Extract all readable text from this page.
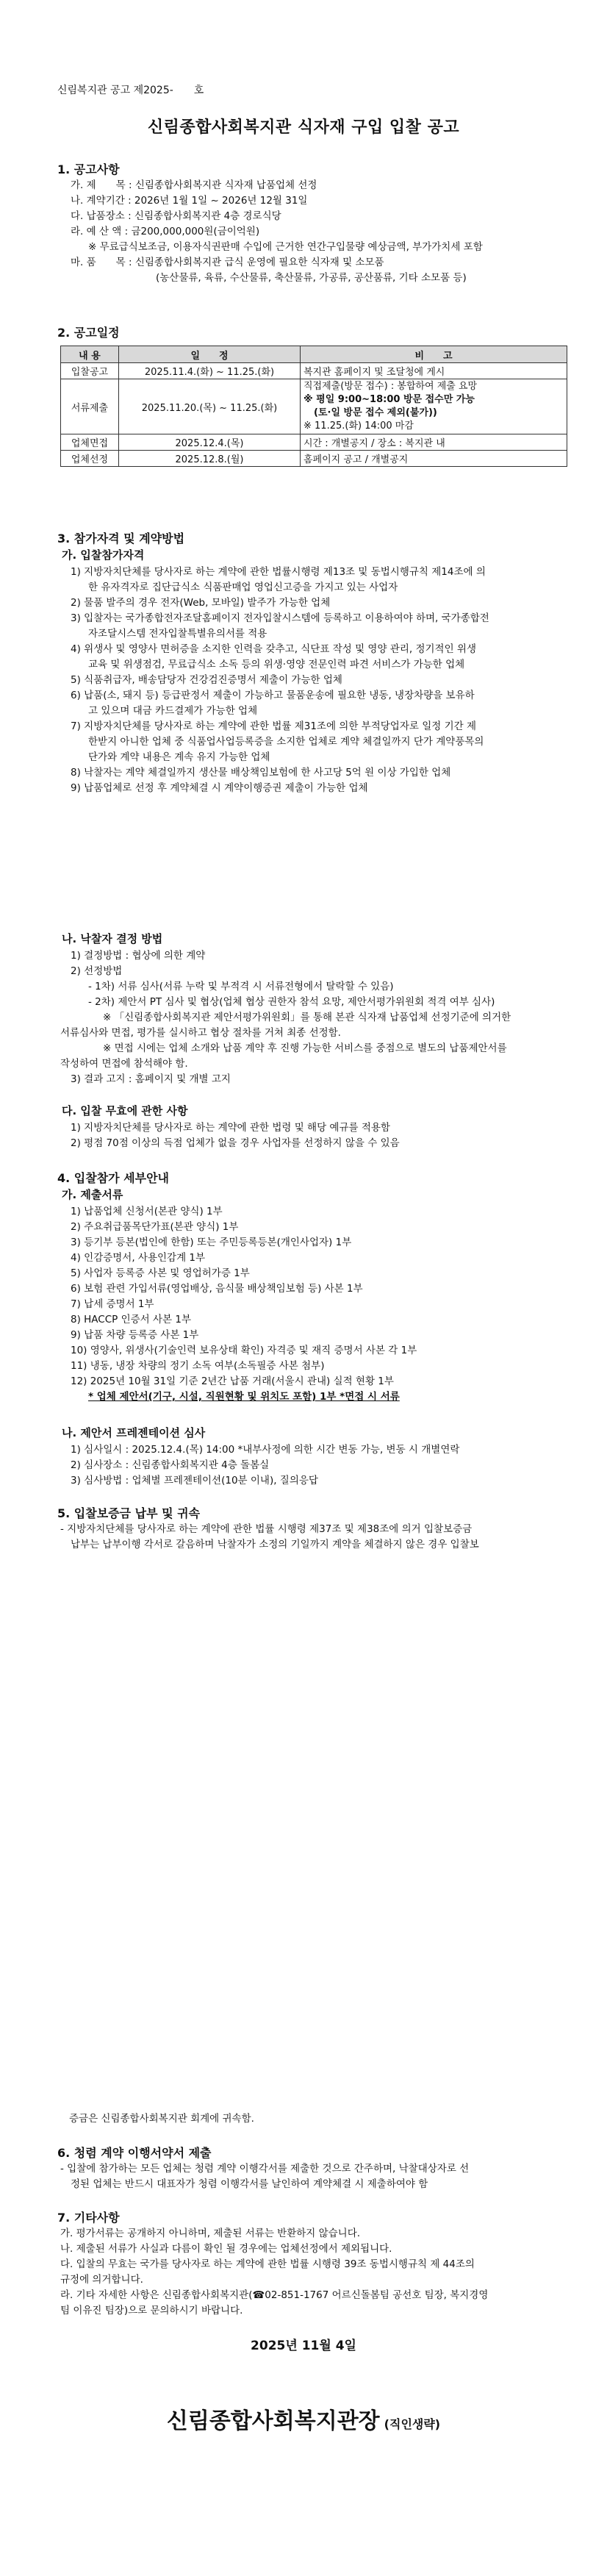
신림복지관 공고 제2025-　　호
신림종합사회복지관 식자재 구입 입찰 공고
1. 공고사항
가. 제　　목 : 신림종합사회복지관 식자재 납품업체 선정
나. 계약기간 : 2026년 1월 1일 ~ 2026년 12월 31일
다. 납품장소 : 신림종합사회복지관 4층 경로식당
라. 예 산 액 : 금200,000,000원(금이억원)
※ 무료급식보조금, 이용자식권판매 수입에 근거한 연간구입물량 예상금액, 부가가치세 포함
마. 품　　목 : 신림종합사회복지관 급식 운영에 필요한 식자재 및 소모품
(농산물류, 육류, 수산물류, 축산물류, 가공류, 공산품류, 기타 소모품 등)
2. 공고일정
내 용	일　　정	비　　고
입찰공고	2025.11.4.(화) ~ 11.25.(화)	복지관 홈페이지 및 조달청에 게시
서류제출	2025.11.20.(목) ~ 11.25.(화)	직접제출(방문 접수) : 봉합하여 제출 요망
※ 평일 9:00~18:00 방문 접수만 가능
(토·일 방문 접수 제외(불가))
※ 11.25.(화) 14:00 마감

업체면접	2025.12.4.(목)	시간 : 개별공지 / 장소 : 복지관 내
업체선정	2025.12.8.(월)	홈페이지 공고 / 개별공지
3. 참가자격 및 계약방법
가. 입찰참가자격
1) 지방자치단체를 당사자로 하는 계약에 관한 법률시행령 제13조 및 동법시행규칙 제14조에 의
한 유자격자로 집단급식소 식품판매업 영업신고증을 가지고 있는 사업자
2) 물품 발주의 경우 전자(Web, 모바일) 발주가 가능한 업체
3) 입찰자는 국가종합전자조달홈페이지 전자입찰시스템에 등록하고 이용하여야 하며, 국가종합전
자조달시스템 전자입찰특별유의서를 적용
4) 위생사 및 영양사 면허증을 소지한 인력을 갖추고, 식단표 작성 및 영양 관리, 정기적인 위생
교육 및 위생점검, 무료급식소 소독 등의 위생·영양 전문인력 파견 서비스가 가능한 업체
5) 식품취급자, 배송담당자 건강검진증명서 제출이 가능한 업체
6) 납품(소, 돼지 등) 등급판정서 제출이 가능하고 물품운송에 필요한 냉동, 냉장차량을 보유하
고 있으며 대금 카드결제가 가능한 업체
7) 지방자치단체를 당사자로 하는 계약에 관한 법률 제31조에 의한 부적당업자로 일정 기간 제
한받지 아니한 업체 중 식품업사업등록증을 소지한 업체로 계약 체결일까지 단가 계약풍목의
단가와 계약 내용은 계속 유지 가능한 업체
8) 낙찰자는 계약 체결일까지 생산물 배상책임보험에 한 사고당 5억 원 이상 가입한 업체
9) 납품업체로 선정 후 계약체결 시 계약이행증권 제출이 가능한 업체
나. 낙찰자 결정 방법
1) 결정방법 : 협상에 의한 계약
2) 선정방법
- 1차) 서류 심사(서류 누락 및 부적격 시 서류전형에서 탈락할 수 있음)
- 2차) 제안서 PT 심사 및 협상(업체 협상 권한자 참석 요망, 제안서평가위원회 적격 여부 심사)
※ 「신림종합사회복지관 제안서평가위원회」를 통해 본관 식자재 납품업체 선정기준에 의거한
서류심사와 면접, 평가를 실시하고 협상 절차를 거쳐 최종 선정함.
※ 면접 시에는 업체 소개와 납품 계약 후 진행 가능한 서비스를 중점으로 별도의 납품제안서를
작성하여 면접에 참석해야 함.
3) 결과 고지 : 홈페이지 및 개별 고지
다. 입찰 무효에 관한 사항
1) 지방자치단체를 당사자로 하는 계약에 관한 법령 및 해당 예규를 적용함
2) 평점 70점 이상의 득점 업체가 없을 경우 사업자를 선정하지 않을 수 있음
4. 입찰참가 세부안내
가. 제출서류
1) 납품업체 신청서(본관 양식) 1부
2) 주요취급품목단가표(본관 양식) 1부
3) 등기부 등본(법인에 한함) 또는 주민등록등본(개인사업자) 1부
4) 인감증명서, 사용인감계 1부
5) 사업자 등록증 사본 및 영업허가증 1부
6) 보험 관련 가입서류(영업배상, 음식물 배상책임보험 등) 사본 1부
7) 납세 증명서 1부
8) HACCP 인증서 사본 1부
9) 납품 차량 등록증 사본 1부
10) 영양사, 위생사(기술인력 보유상태 확인) 자격증 및 재직 증명서 사본 각 1부
11) 냉동, 냉장 차량의 정기 소독 여부(소독필증 사본 첨부)
12) 2025년 10월 31일 기준 2년간 납품 거래(서울시 관내) 실적 현황 1부
* 업체 제안서(기구, 시설, 직원현황 및 위치도 포함) 1부 *면접 시 서류
나. 제안서 프레젠테이션 심사
1) 심사일시 : 2025.12.4.(목) 14:00 *내부사정에 의한 시간 변동 가능, 변동 시 개별연락
2) 심사장소 : 신림종합사회복지관 4층 돌봄실
3) 심사방법 : 업체별 프레젠테이션(10분 이내), 질의응답
5. 입찰보증금 납부 및 귀속
- 지방자치단체를 당사자로 하는 계약에 관한 법률 시행령 제37조 및 제38조에 의거 입찰보증금
납부는 납부이행 각서로 갈음하며 낙찰자가 소정의 기일까지 계약을 체결하지 않은 경우 입찰보
증금은 신림종합사회복지관 회계에 귀속함.
6. 청렴 계약 이행서약서 제출
- 입찰에 참가하는 모든 업체는 청렴 계약 이행각서를 제출한 것으로 간주하며, 낙찰대상자로 선
정된 업체는 반드시 대표자가 청렴 이행각서를 날인하여 계약체결 시 제출하여야 함
7. 기타사항
가. 평가서류는 공개하지 아니하며, 제출된 서류는 반환하지 않습니다.
나. 제출된 서류가 사실과 다름이 확인 될 경우에는 업체선정에서 제외됩니다.
다. 입찰의 무효는 국가를 당사자로 하는 계약에 관한 법률 시행령 39조 동법시행규칙 제 44조의
규정에 의거합니다.
라. 기타 자세한 사항은 신림종합사회복지관(☎02-851-1767 어르신돌봄팀 공선호 팀장, 복지경영
팀 이유진 팀장)으로 문의하시기 바랍니다.
2025년 11월 4일
신림종합사회복지관장 (직인생략)
